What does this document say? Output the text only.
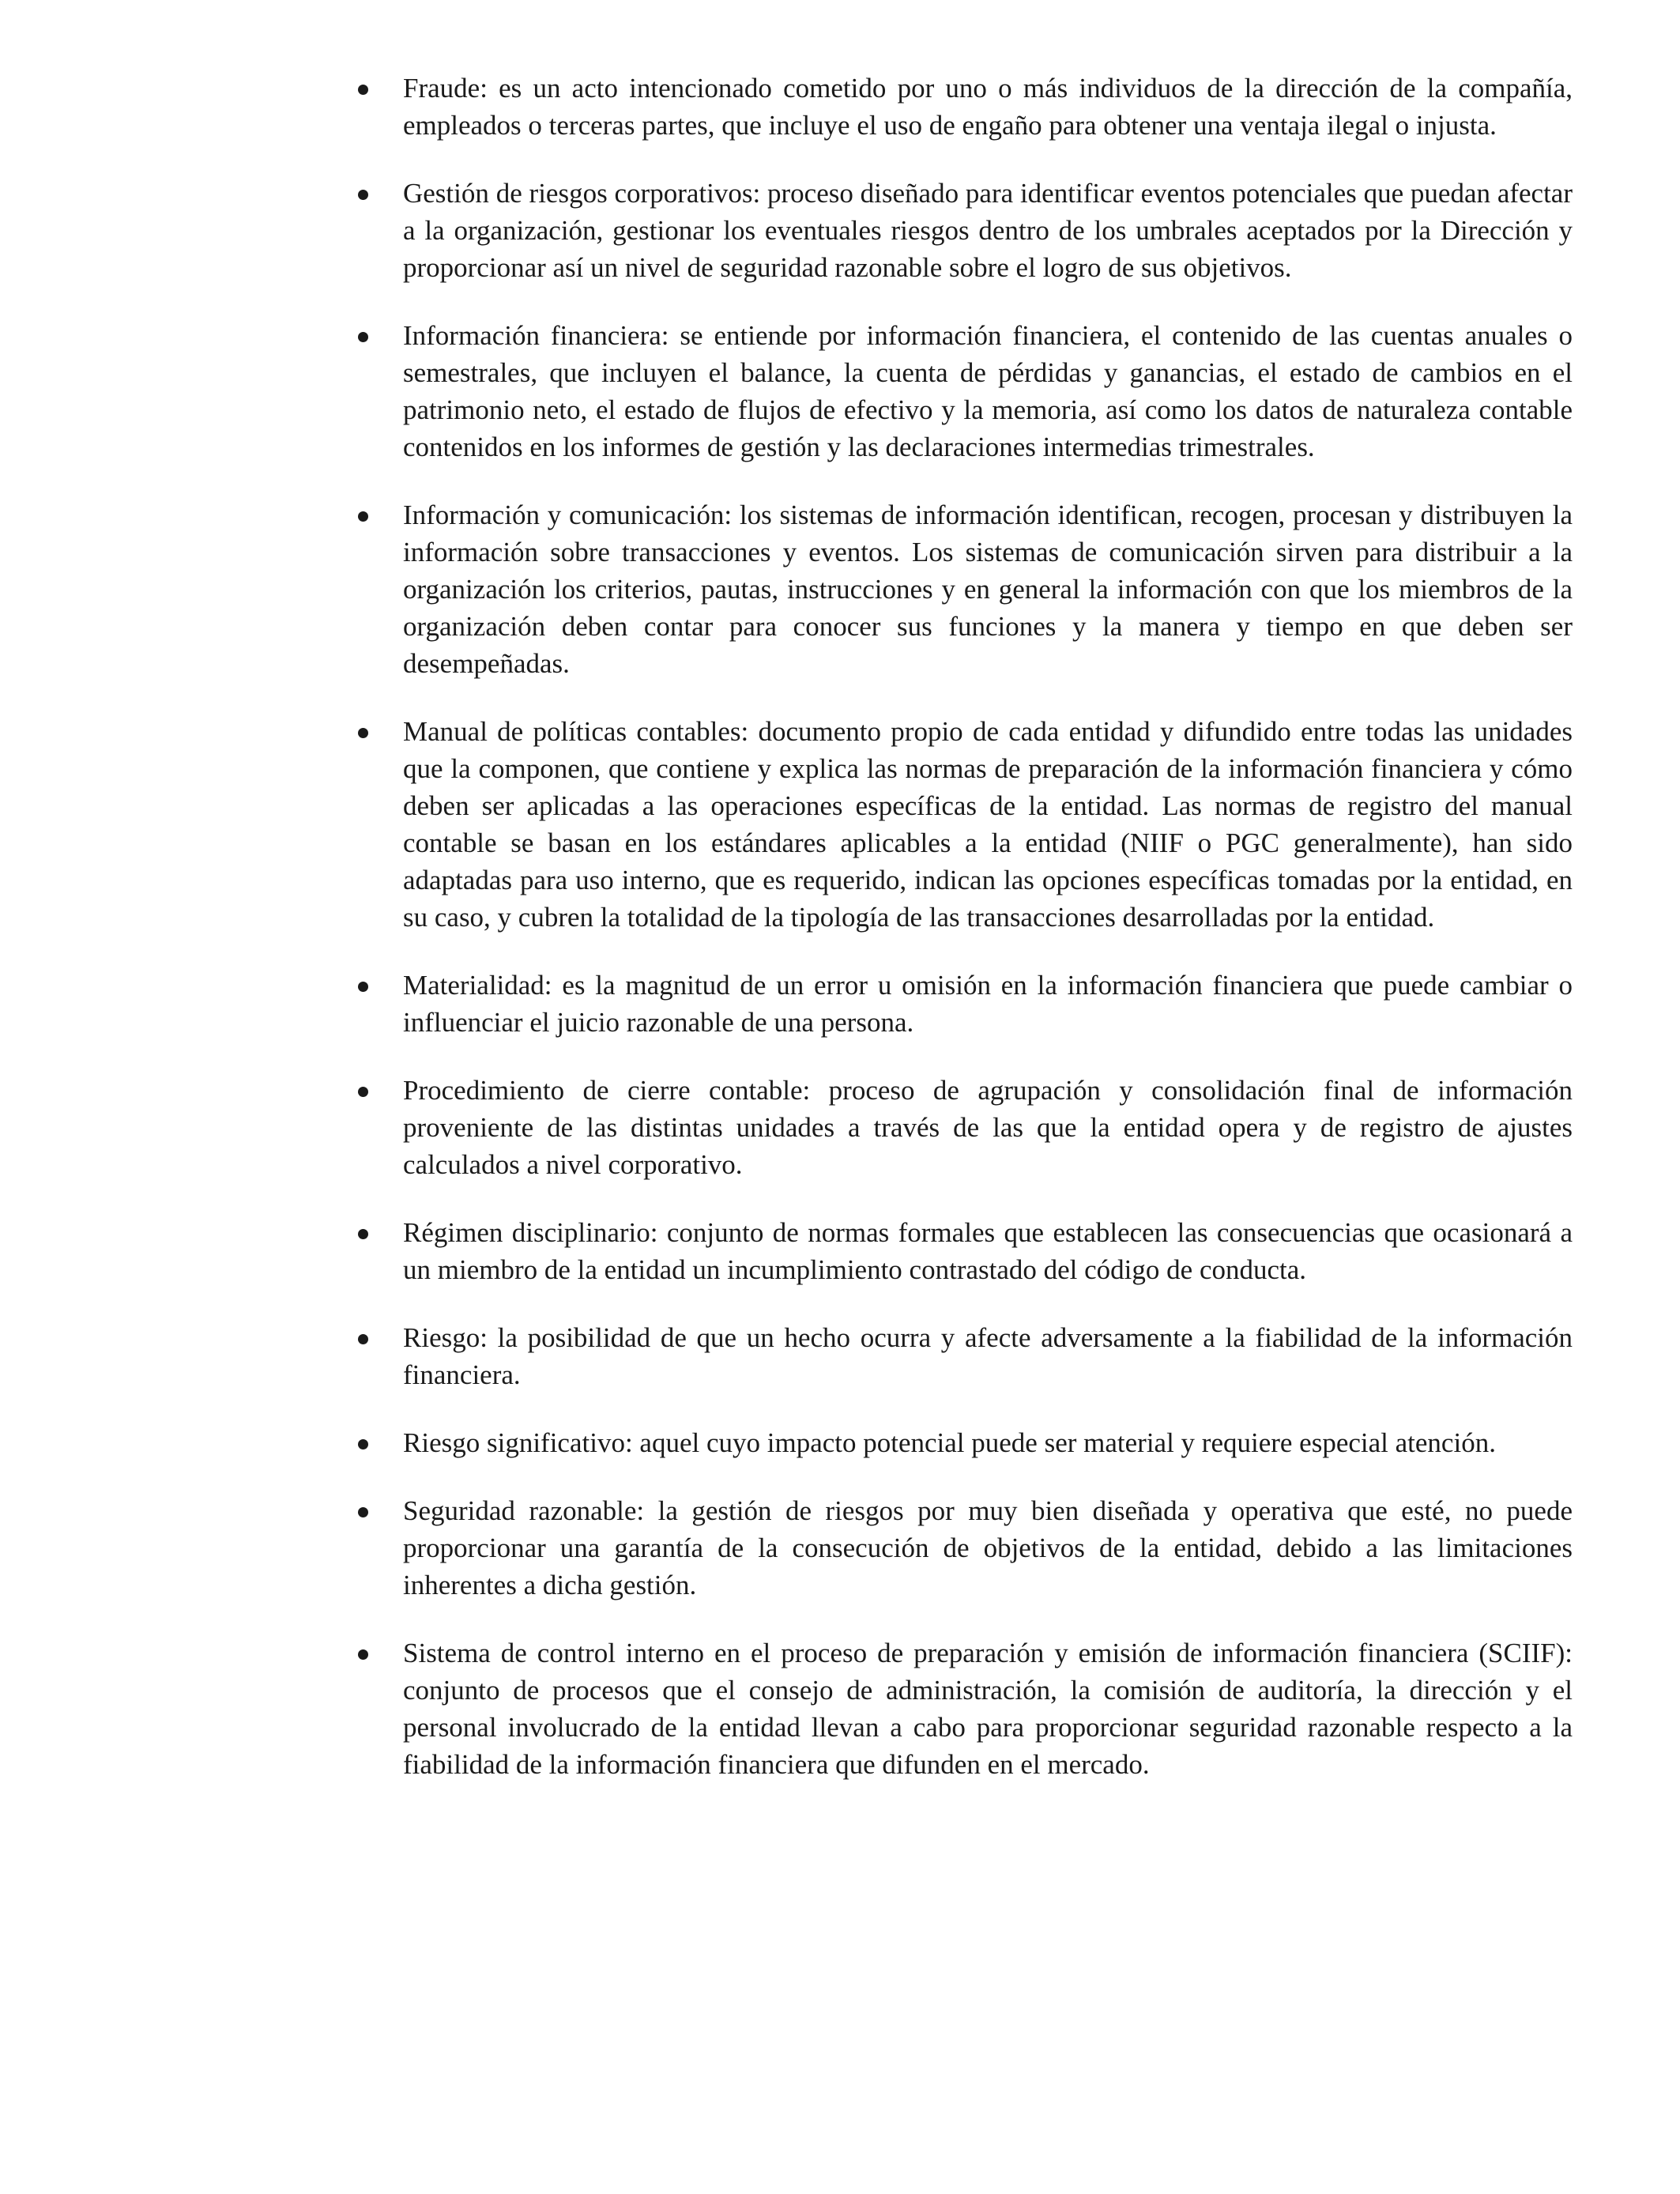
Fraude: es un acto intencionado cometido por uno o más individuos de la dirección de la compañía, empleados o terceras partes, que incluye el uso de engaño para obtener una ventaja ilegal o injusta.
Gestión de riesgos corporativos: proceso diseñado para identificar eventos potenciales que puedan afectar a la organización, gestionar los eventuales riesgos dentro de los umbrales aceptados por la Dirección y proporcionar así un nivel de seguridad razonable sobre el logro de sus objetivos.
Información financiera: se entiende por información financiera, el contenido de las cuentas anuales o semestrales, que incluyen el balance, la cuenta de pérdidas y ganancias, el estado de cambios en el patrimonio neto, el estado de flujos de efectivo y la memoria, así como los datos de naturaleza contable contenidos en los informes de gestión y las declaraciones intermedias trimestrales.
Información y comunicación: los sistemas de información identifican, recogen, procesan y distribuyen la información sobre transacciones y eventos. Los sistemas de comunicación sirven para distribuir a la organización los criterios, pautas, instrucciones y en general la información con que los miembros de la organización deben contar para conocer sus funciones y la manera y tiempo en que deben ser desempeñadas.
Manual de políticas contables: documento propio de cada entidad y difundido entre todas las unidades que la componen, que contiene y explica las normas de preparación de la información financiera y cómo deben ser aplicadas a las operaciones específicas de la entidad. Las normas de registro del manual contable se basan en los estándares aplicables a la entidad (NIIF o PGC generalmente), han sido adaptadas para uso interno, que es requerido, indican las opciones específicas tomadas por la entidad, en su caso, y cubren la totalidad de la tipología de las transacciones desarrolladas por la entidad.
Materialidad: es la magnitud de un error u omisión en la información financiera que puede cambiar o influenciar el juicio razonable de una persona.
Procedimiento de cierre contable: proceso de agrupación y consolidación final de información proveniente de las distintas unidades a través de las que la entidad opera y de registro de ajustes calculados a nivel corporativo.
Régimen disciplinario: conjunto de normas formales que establecen las consecuencias que ocasionará a un miembro de la entidad un incumplimiento contrastado del código de conducta.
Riesgo: la posibilidad de que un hecho ocurra y afecte adversamente a la fiabilidad de la información financiera.
Riesgo significativo: aquel cuyo impacto potencial puede ser material y requiere especial atención.
Seguridad razonable: la gestión de riesgos por muy bien diseñada y operativa que esté, no puede proporcionar una garantía de la consecución de objetivos de la entidad, debido a las limitaciones inherentes a dicha gestión.
Sistema de control interno en el proceso de preparación y emisión de información financiera (SCIIF): conjunto de procesos que el consejo de administración, la comisión de auditoría, la dirección y el personal involucrado de la entidad llevan a cabo para proporcionar seguridad razonable respecto a la fiabilidad de la información financiera que difunden en el mercado.
